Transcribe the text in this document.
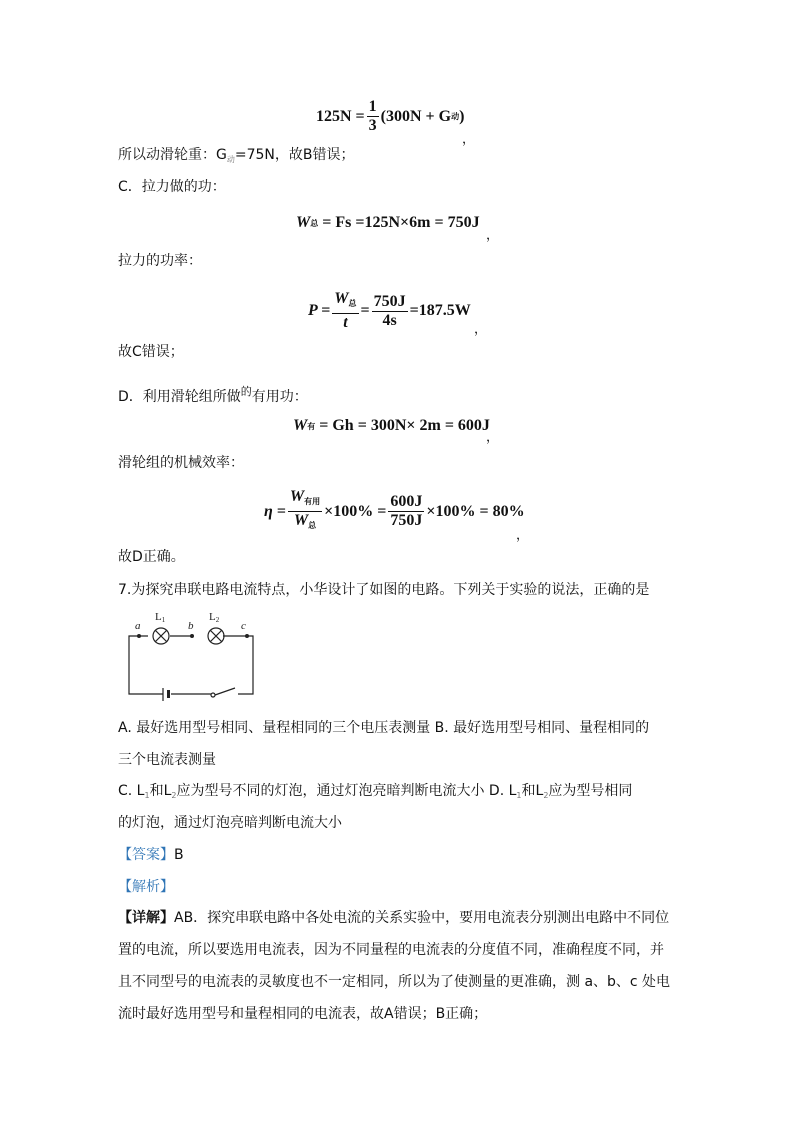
$125N = \frac{1}{3} (300N + G$ 动 )
，
所以动滑轮重：$G_动=75N$，故B错误；
C．拉力做的功：
W 总
= Fs =125N×6m = 750J
，
拉力的功率：
$P = \frac{W_总}{t} = \frac{750J}{4s} =187.5W$
，
故C错误；
D．利用滑轮组所做$^的$有用功：
W 有
= Gh = 300N× 2m = 600J
，
滑轮组的机械效率：
$\eta = \frac{W_{有用}}{W_总} \times 100\% = \frac{600J}{750J} \times 100\% = 80\%$
，
故D正确。
7.为探究串联电路电流特点，小华设计了如图的电路。下列关于实验的说法，正确的是
a	b	c
L1	L2
A. 最好选用型号相同、量程相同的三个电压表测量 B. 最好选用型号相同、量程相同的
三个电流表测量
C. $L_1$和$L_2$应为型号不同的灯泡，通过灯泡亮暗判断电流大小 D. $L_1$和$L_2$应为型号相同
的灯泡，通过灯泡亮暗判断电流大小
【答案】B
【解析】
【详解】AB．探究串联电路中各处电流的关系实验中，要用电流表分别测出电路中不同位
置的电流，所以要选用电流表，因为不同量程的电流表的分度值不同，准确程度不同，并
且不同型号的电流表的灵敏度也不一定相同，所以为了使测量的更准确，测 a、b、c 处电
流时最好选用型号和量程相同的电流表，故A错误；B正确；
